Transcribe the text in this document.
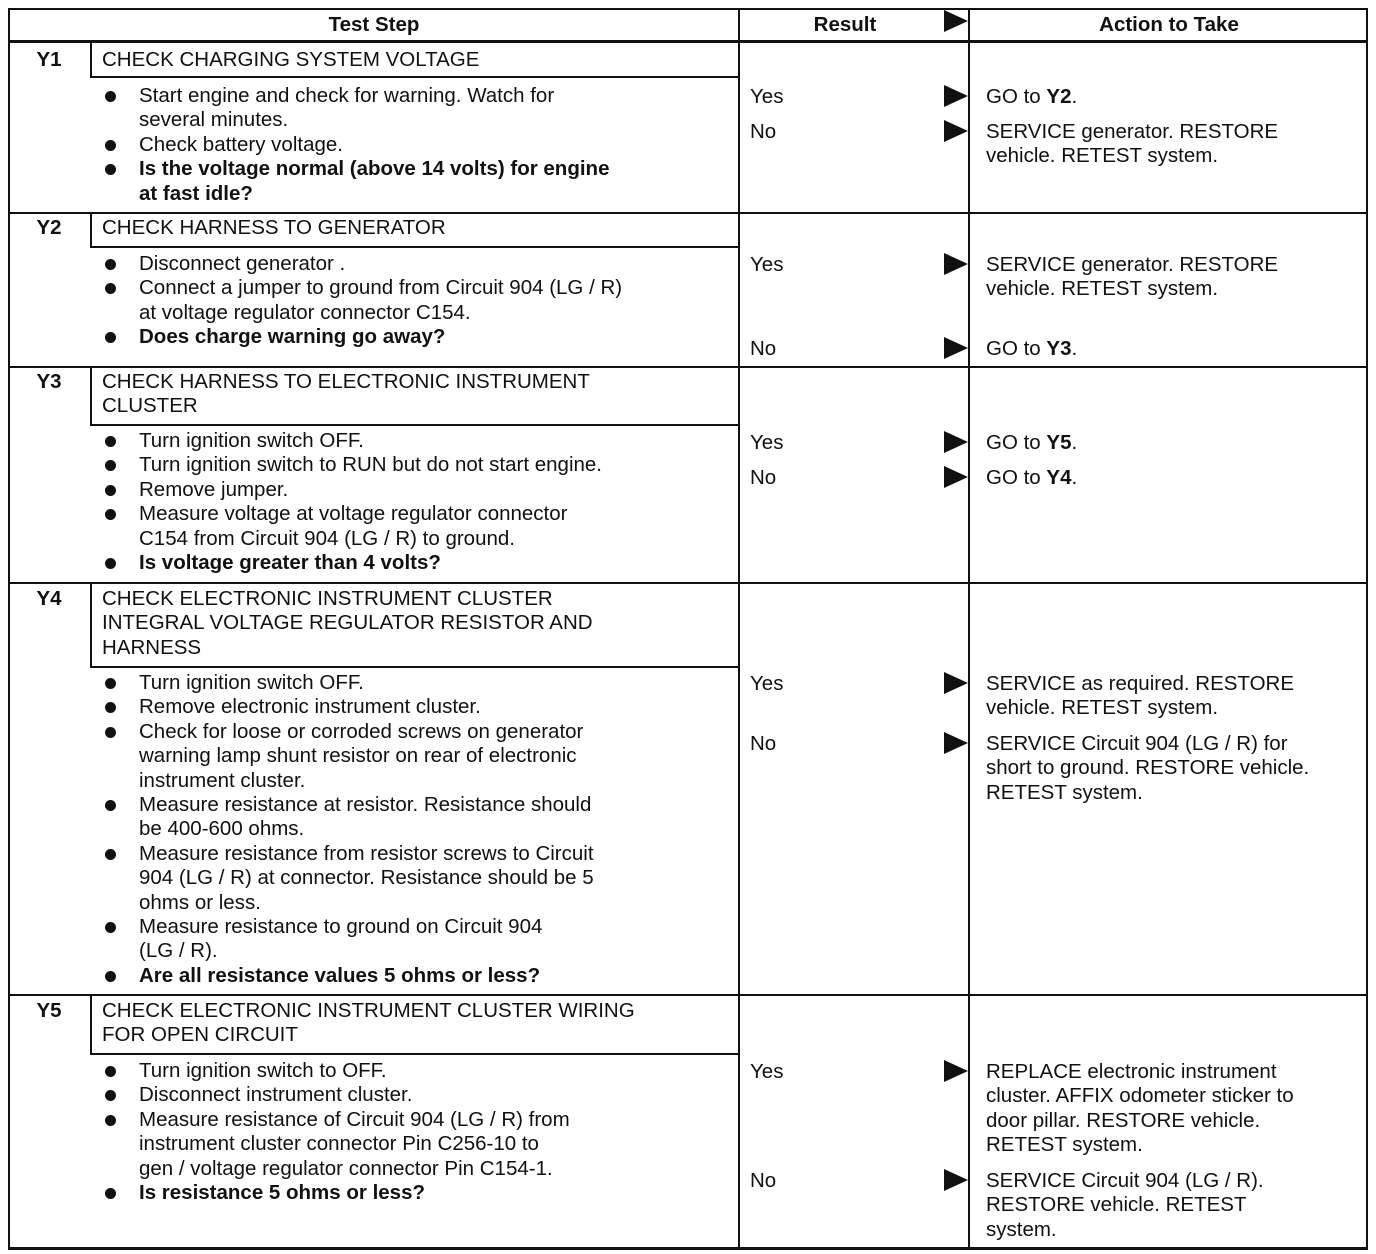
Test Step	Result	Action to Take
Y1	CHECK CHARGING SYSTEM VOLTAGE
Start engine and check for warning. Watch for
several minutes.
Check battery voltage.
Is the voltage normal (above 14 volts) for engine
at fast idle?
Yes	GO to Y2.
No	SERVICE generator. RESTORE
vehicle. RETEST system.
Y2	CHECK HARNESS TO GENERATOR
Disconnect generator .
Connect a jumper to ground from Circuit 904 (LG / R)
at voltage regulator connector C154.
Does charge warning go away?
Yes	SERVICE generator. RESTORE
vehicle. RETEST system.
No	GO to Y3.
Y3	CHECK HARNESS TO ELECTRONIC INSTRUMENT
CLUSTER
Turn ignition switch OFF.
Turn ignition switch to RUN but do not start engine.
Remove jumper.
Measure voltage at voltage regulator connector
C154 from Circuit 904 (LG / R) to ground.
Is voltage greater than 4 volts?
Yes	GO to Y5.
No	GO to Y4.
Y4	CHECK ELECTRONIC INSTRUMENT CLUSTER
INTEGRAL VOLTAGE REGULATOR RESISTOR AND
HARNESS
Turn ignition switch OFF.
Remove electronic instrument cluster.
Check for loose or corroded screws on generator
warning lamp shunt resistor on rear of electronic
instrument cluster.
Measure resistance at resistor. Resistance should
be 400-600 ohms.
Measure resistance from resistor screws to Circuit
904 (LG / R) at connector. Resistance should be 5
ohms or less.
Measure resistance to ground on Circuit 904
(LG / R).
Are all resistance values 5 ohms or less?
Yes	SERVICE as required. RESTORE
vehicle. RETEST system.
No	SERVICE Circuit 904 (LG / R) for
short to ground. RESTORE vehicle.
RETEST system.
Y5	CHECK ELECTRONIC INSTRUMENT CLUSTER WIRING
FOR OPEN CIRCUIT
Turn ignition switch to OFF.
Disconnect instrument cluster.
Measure resistance of Circuit 904 (LG / R) from
instrument cluster connector Pin C256-10 to
gen / voltage regulator connector Pin C154-1.
Is resistance 5 ohms or less?
Yes	REPLACE electronic instrument
cluster. AFFIX odometer sticker to
door pillar. RESTORE vehicle.
RETEST system.
No	SERVICE Circuit 904 (LG / R).
RESTORE vehicle. RETEST
system.
